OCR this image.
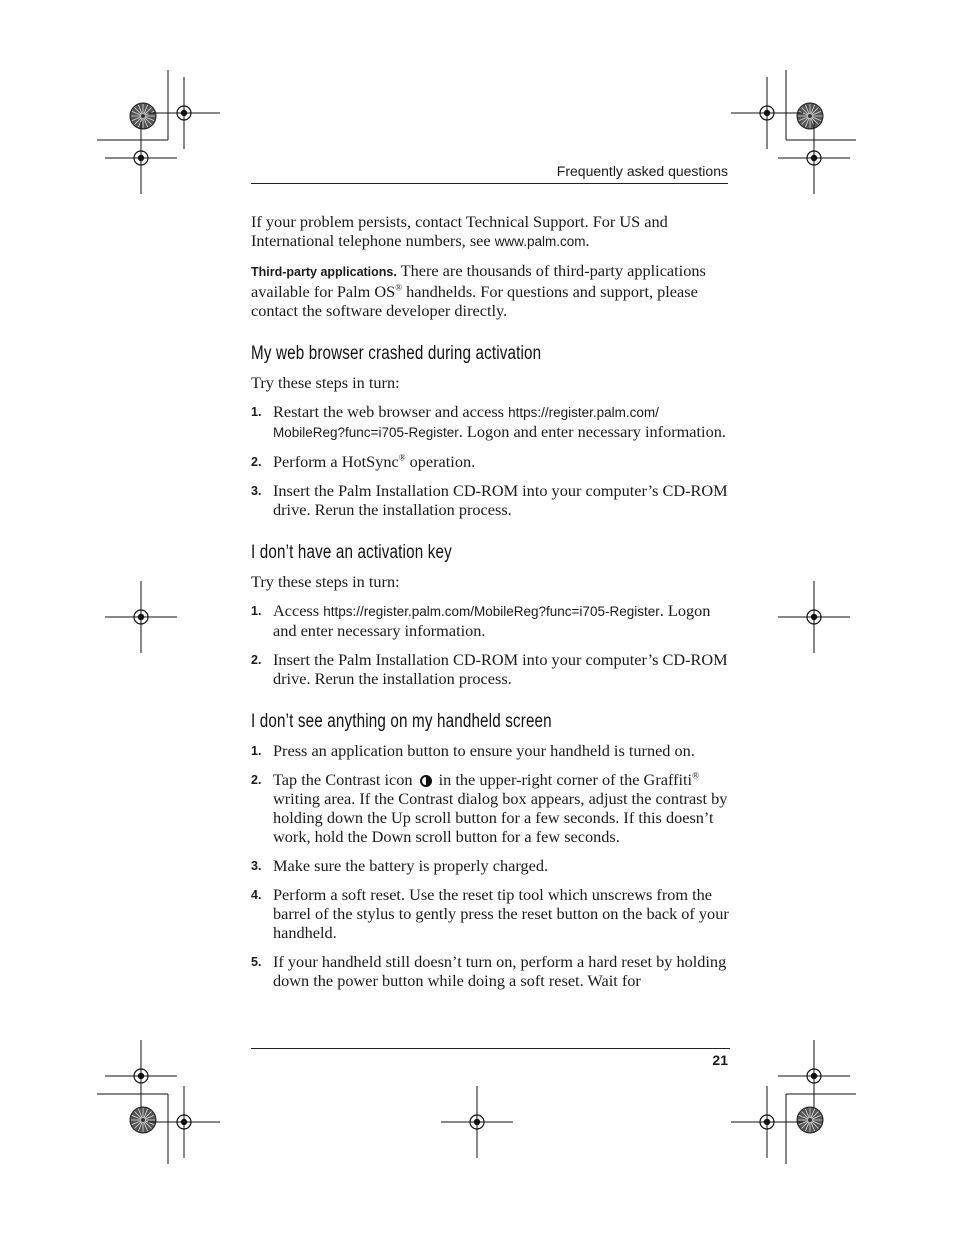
Frequently asked questions

If your problem persists, contact Technical Support. For US and International telephone numbers, see www.palm.com.

Third-party applications. There are thousands of third-party applications available for Palm OS® handhelds. For questions and support, please contact the software developer directly.

My web browser crashed during activation

Try these steps in turn:

1. Restart the web browser and access https://register.palm.com/ MobileReg?func=i705-Register. Logon and enter necessary information.
2. Perform a HotSync® operation.
3. Insert the Palm Installation CD-ROM into your computer’s CD-ROM drive. Rerun the installation process.
I don’t have an activation key

Try these steps in turn:

1. Access https://register.palm.com/MobileReg?func=i705-Register. Logon and enter necessary information.
2. Insert the Palm Installation CD-ROM into your computer’s CD-ROM drive. Rerun the installation process.
I don’t see anything on my handheld screen
1. Press an application button to ensure your handheld is turned on.
2. Tap the Contrast icon  in the upper-right corner of the Graffiti® writing area. If the Contrast dialog box appears, adjust the contrast by holding down the Up scroll button for a few seconds. If this doesn’t work, hold the Down scroll button for a few seconds.
3. Make sure the battery is properly charged.
4. Perform a soft reset. Use the reset tip tool which unscrews from the barrel of the stylus to gently press the reset button on the back of your handheld.
5. If your handheld still doesn’t turn on, perform a hard reset by holding down the power button while doing a soft reset. Wait for
21
